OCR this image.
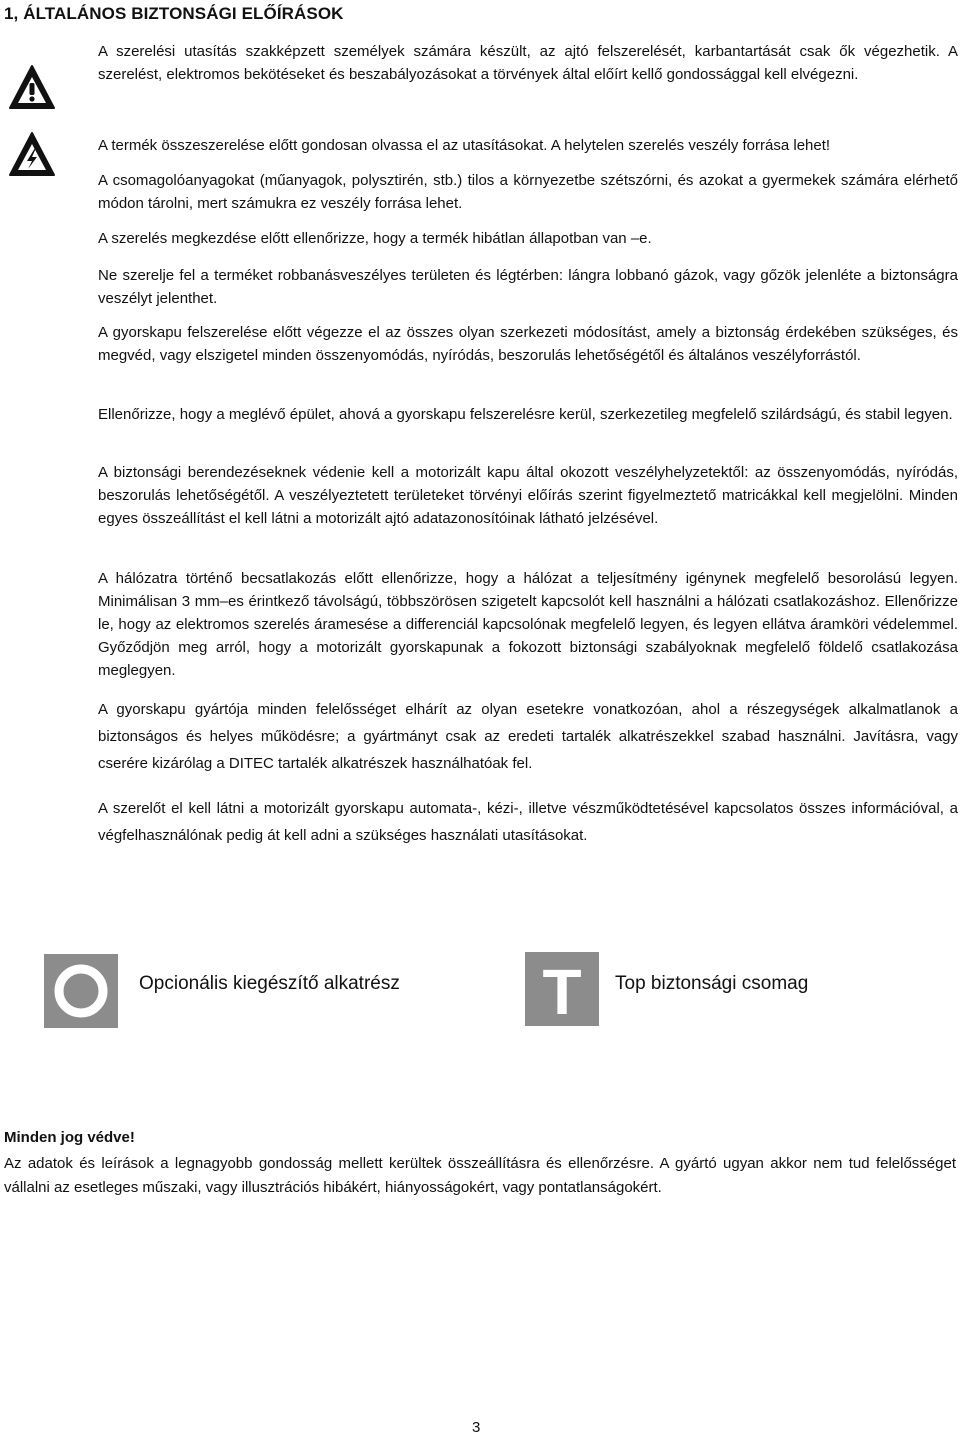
1, ÁLTALÁNOS BIZTONSÁGI ELŐÍRÁSOK

A szerelési utasítás szakképzett személyek számára készült, az ajtó felszerelését, karbantartását csak ők végezhetik. A szerelést, elektromos bekötéseket és beszabályozásokat a törvények által előírt kellő gondossággal kell elvégezni.

A termék összeszerelése előtt gondosan olvassa el az utasításokat. A helytelen szerelés veszély forrása lehet!

A csomagolóanyagokat (műanyagok, polysztirén, stb.) tilos a környezetbe szétszórni, és azokat a gyermekek számára elérhető módon tárolni, mert számukra ez veszély forrása lehet.

A szerelés megkezdése előtt ellenőrizze, hogy a termék hibátlan állapotban van –e.

Ne szerelje fel a terméket robbanásveszélyes területen és légtérben: lángra lobbanó gázok, vagy gőzök jelenléte a biztonságra veszélyt jelenthet.

A gyorskapu felszerelése előtt végezze el az összes olyan szerkezeti módosítást, amely a biztonság érdekében szükséges, és megvéd, vagy elszigetel minden összenyomódás, nyíródás, beszorulás lehetőségétől és általános veszélyforrástól.

Ellenőrizze, hogy a meglévő épület, ahová a gyorskapu felszerelésre kerül, szerkezetileg megfelelő szilárdságú, és stabil legyen.

A biztonsági berendezéseknek védenie kell a motorizált kapu által okozott veszélyhelyzetektől: az összenyomódás, nyíródás, beszorulás lehetőségétől. A veszélyeztetett területeket törvényi előírás szerint figyelmeztető matricákkal kell megjelölni. Minden egyes összeállítást el kell látni a motorizált ajtó adatazonosítóinak látható jelzésével.

A hálózatra történő becsatlakozás előtt ellenőrizze, hogy a hálózat a teljesítmény igénynek megfelelő besorolású legyen. Minimálisan 3 mm–es érintkező távolságú, többszörösen szigetelt kapcsolót kell használni a hálózati csatlakozáshoz. Ellenőrizze le, hogy az elektromos szerelés áramesése a differenciál kapcsolónak megfelelő legyen, és legyen ellátva áramköri védelemmel. Győződjön meg arról, hogy a motorizált gyorskapunak a fokozott biztonsági szabályoknak megfelelő földelő csatlakozása meglegyen.

A gyorskapu gyártója minden felelősséget elhárít az olyan esetekre vonatkozóan, ahol a részegységek alkalmatlanok a biztonságos és helyes működésre; a gyártmányt csak az eredeti tartalék alkatrészekkel szabad használni. Javításra, vagy cserére kizárólag a DITEC tartalék alkatrészek használhatóak fel.

A szerelőt el kell látni a motorizált gyorskapu automata-, kézi-, illetve vészműködtetésével kapcsolatos összes információval, a végfelhasználónak pedig át kell adni a szükséges használati utasításokat.

Opcionális kiegészítő alkatrész T Top biztonsági csomag
Minden jog védve!

Az adatok és leírások a legnagyobb gondosság mellett kerültek összeállításra és ellenőrzésre. A gyártó ugyan akkor nem tud felelősséget vállalni az esetleges műszaki, vagy illusztrációs hibákért, hiányosságokért, vagy pontatlanságokért.

3
